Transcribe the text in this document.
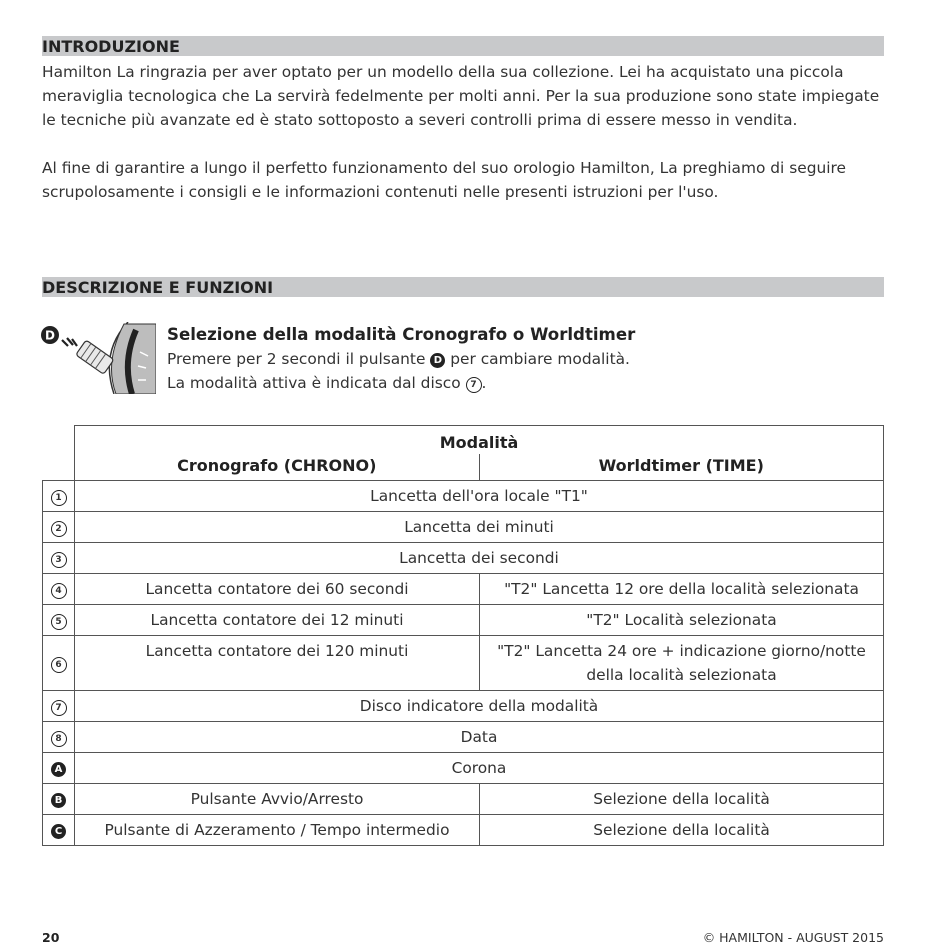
INTRODUZIONE

Hamilton La ringrazia per aver optato per un modello della sua collezione. Lei ha acquistato una piccola
meraviglia tecnologica che La servirà fedelmente per molti anni. Per la sua produzione sono state impiegate
le tecniche più avanzate ed è stato sottoposto a severi controlli prima di essere messo in vendita.

Al fine di garantire a lungo il perfetto funzionamento del suo orologio Hamilton, La preghiamo di seguire
scrupolosamente i consigli e le informazioni contenuti nelle presenti istruzioni per l'uso.

DESCRIZIONE E FUNZIONI
D	Selezione della modalità Cronografo o Worldtimer
Premere per 2 secondi il pulsante D per cambiare modalità.
La modalità attiva è indicata dal disco 7 .

	Modalità
Cronografo (CHRONO) Worldtimer (TIME)	

1	Lancetta dell'ora locale "T1"	
2	Lancetta dei minuti	
3	Lancetta dei secondi	
4	Lancetta contatore dei 60 secondi	"T2" Lancetta 12 ore della località selezionata
5	Lancetta contatore dei 12 minuti	"T2" Località selezionata
6	Lancetta contatore dei 120 minuti	"T2" Lancetta 24 ore + indicazione giorno/notte
della località selezionata

7	Disco indicatore della modalità	
8	Data	
A	Corona	
B	Pulsante Avvio/Arresto	Selezione della località
C	Pulsante di Azzeramento / Tempo intermedio	Selezione della località
20	© HAMILTON - AUGUST 2015
